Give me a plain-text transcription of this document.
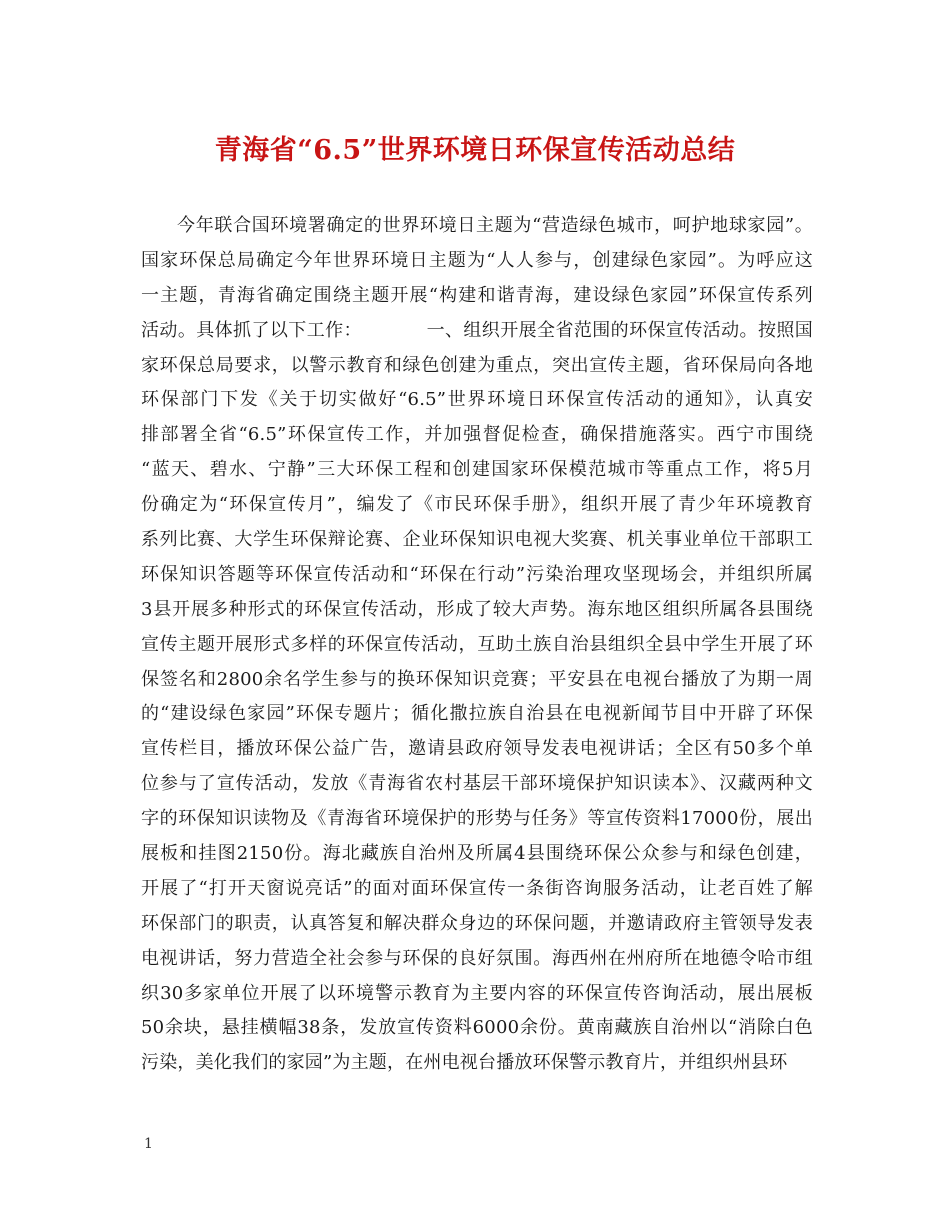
青海省“6.5”世界环境日环保宣传活动总结
今年联合国环境署确定的世界环境日主题为“营造绿色城市，呵护地球家园”。
国家环保总局确定今年世界环境日主题为“人人参与，创建绿色家园”。为呼应这
一主题，青海省确定围绕主题开展“构建和谐青海，建设绿色家园”环保宣传系列
活动。具体抓了以下工作：　　　　一、组织开展全省范围的环保宣传活动。按照国
家环保总局要求，以警示教育和绿色创建为重点，突出宣传主题，省环保局向各地
环保部门下发《关于切实做好“6.5”世界环境日环保宣传活动的通知》，认真安
排部署全省“6.5”环保宣传工作，并加强督促检查，确保措施落实。西宁市围绕
“蓝天、碧水、宁静”三大环保工程和创建国家环保模范城市等重点工作，将5月
份确定为“环保宣传月”，编发了《市民环保手册》，组织开展了青少年环境教育
系列比赛、大学生环保辩论赛、企业环保知识电视大奖赛、机关事业单位干部职工
环保知识答题等环保宣传活动和“环保在行动”污染治理攻坚现场会，并组织所属
3县开展多种形式的环保宣传活动，形成了较大声势。海东地区组织所属各县围绕
宣传主题开展形式多样的环保宣传活动，互助土族自治县组织全县中学生开展了环
保签名和2800余名学生参与的换环保知识竞赛；平安县在电视台播放了为期一周
的“建设绿色家园”环保专题片；循化撒拉族自治县在电视新闻节目中开辟了环保
宣传栏目，播放环保公益广告，邀请县政府领导发表电视讲话；全区有50多个单
位参与了宣传活动，发放《青海省农村基层干部环境保护知识读本》、汉藏两种文
字的环保知识读物及《青海省环境保护的形势与任务》等宣传资料17000份，展出
展板和挂图2150份。海北藏族自治州及所属4县围绕环保公众参与和绿色创建，
开展了“打开天窗说亮话”的面对面环保宣传一条街咨询服务活动，让老百姓了解
环保部门的职责，认真答复和解决群众身边的环保问题，并邀请政府主管领导发表
电视讲话，努力营造全社会参与环保的良好氛围。海西州在州府所在地德令哈市组
织30多家单位开展了以环境警示教育为主要内容的环保宣传咨询活动，展出展板
50余块，悬挂横幅38条，发放宣传资料6000余份。黄南藏族自治州以“消除白色
污染，美化我们的家园”为主题，在州电视台播放环保警示教育片，并组织州县环
1
